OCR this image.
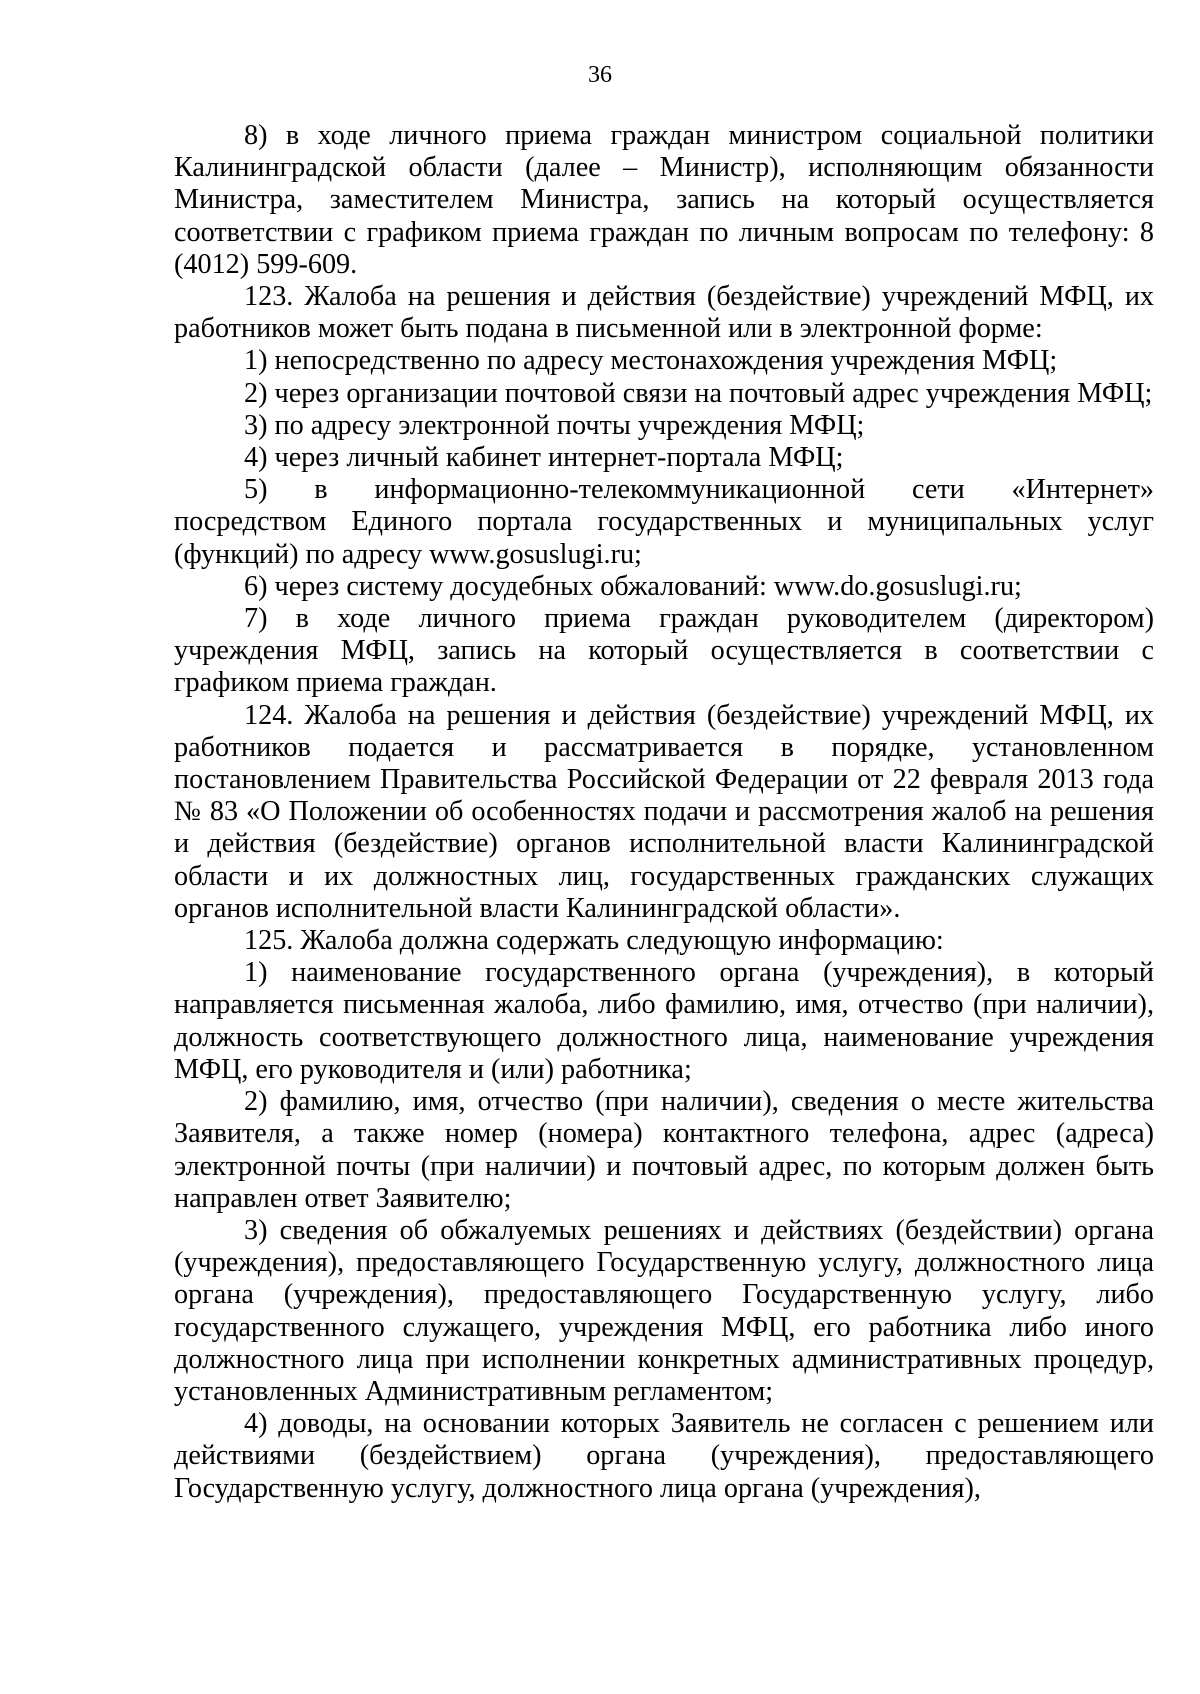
36

8) в ходе личного приема граждан министром социальной политики Калининградской области (далее – Министр), исполняющим обязанности Министра, заместителем Министра, запись на который осуществляется соответствии с графиком приема граждан по личным вопросам по телефону: 8 (4012) 599-609.

123. Жалоба на решения и действия (бездействие) учреждений МФЦ, их работников может быть подана в письменной или в электронной форме:

1) непосредственно по адресу местонахождения учреждения МФЦ;

2) через организации почтовой связи на почтовый адрес учреждения МФЦ;

3) по адресу электронной почты учреждения МФЦ;

4) через личный кабинет интернет-портала МФЦ;

5) в информационно-телекоммуникационной сети «Интернет» посредством Единого портала государственных и муниципальных услуг (функций) по адресу www.gosuslugi.ru;

6) через систему досудебных обжалований: www.do.gosuslugi.ru;

7) в ходе личного приема граждан руководителем (директором) учреждения МФЦ, запись на который осуществляется в соответствии с графиком приема граждан.

124. Жалоба на решения и действия (бездействие) учреждений МФЦ, их работников подается и рассматривается в порядке, установленном постановлением Правительства Российской Федерации от 22 февраля 2013 года № 83 «О Положении об особенностях подачи и рассмотрения жалоб на решения и действия (бездействие) органов исполнительной власти Калининградской области и их должностных лиц, государственных гражданских служащих органов исполнительной власти Калининградской области».

125. Жалоба должна содержать следующую информацию:

1) наименование государственного органа (учреждения), в который направляется письменная жалоба, либо фамилию, имя, отчество (при наличии), должность соответствующего должностного лица, наименование учреждения МФЦ, его руководителя и (или) работника;

2) фамилию, имя, отчество (при наличии), сведения о месте жительства Заявителя, а также номер (номера) контактного телефона, адрес (адреса) электронной почты (при наличии) и почтовый адрес, по которым должен быть направлен ответ Заявителю;

3) сведения об обжалуемых решениях и действиях (бездействии) органа (учреждения), предоставляющего Государственную услугу, должностного лица органа (учреждения), предоставляющего Государственную услугу, либо государственного служащего, учреждения МФЦ, его работника либо иного должностного лица при исполнении конкретных административных процедур, установленных Административным регламентом;

4) доводы, на основании которых Заявитель не согласен с решением или действиями (бездействием) органа (учреждения), предоставляющего Государственную услугу, должностного лица органа (учреждения),
